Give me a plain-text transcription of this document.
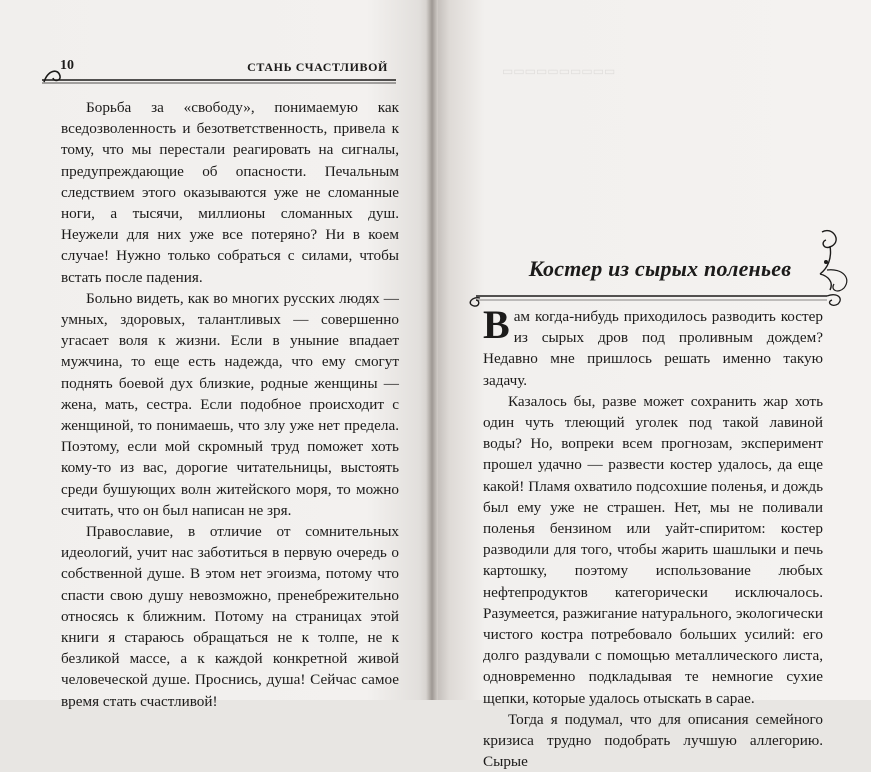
10	СТАНЬ СЧАСТЛИВОЙ

Борьба за «свободу», понимаемую как вседозволенность и безответственность, привела к тому, что мы перестали реагировать на сигналы, предупреждающие об опасности. Печальным следствием этого оказываются уже не сломанные ноги, а тысячи, миллионы сломанных душ. Неужели для них уже все потеряно? Ни в коем случае! Нужно только собраться с силами, чтобы встать после падения.

Больно видеть, как во многих русских людях — умных, здоровых, талантливых — совершенно угасает воля к жизни. Если в уныние впадает мужчина, то еще есть надежда, что ему смогут поднять боевой дух близкие, родные женщины — жена, мать, сестра. Если подобное происходит с женщиной, то понимаешь, что злу уже нет предела. Поэтому, если мой скромный труд поможет хоть кому-то из вас, дорогие читательницы, выстоять среди бушующих волн житейского моря, то можно считать, что он был написан не зря.

Православие, в отличие от сомнительных идеологий, учит нас заботиться в первую очередь о собственной душе. В этом нет эгоизма, потому что спасти свою душу невозможно, пренебрежительно относясь к ближним. Потому на страницах этой книги я стараюсь обращаться не к толпе, не к безликой массе, а к каждой конкретной живой человеческой душе. Проснись, душа! Сейчас самое время стать счастливой!

▭▭▭▭▭▭▭▭▭▭
Костер из сырых поленьев

Вам когда-нибудь приходилось разводить костер из сырых дров под проливным дождем? Недавно мне пришлось решать именно такую задачу.

Казалось бы, разве может сохранить жар хоть один чуть тлеющий уголек под такой лавиной воды? Но, вопреки всем прогнозам, эксперимент прошел удачно — развести костер удалось, да еще какой! Пламя охватило подсохшие поленья, и дождь был ему уже не страшен. Нет, мы не поливали поленья бензином или уайт-спиритом: костер разводили для того, чтобы жарить шашлыки и печь картошку, поэтому использование любых нефтепродуктов категорически исключалось. Разумеется, разжигание натурального, экологически чистого костра потребовало больших усилий: его долго раздували с помощью металлического листа, одновременно подкладывая те немногие сухие щепки, которые удалось отыскать в сарае.

Тогда я подумал, что для описания семейного кризиса трудно подобрать лучшую аллегорию. Сырые
